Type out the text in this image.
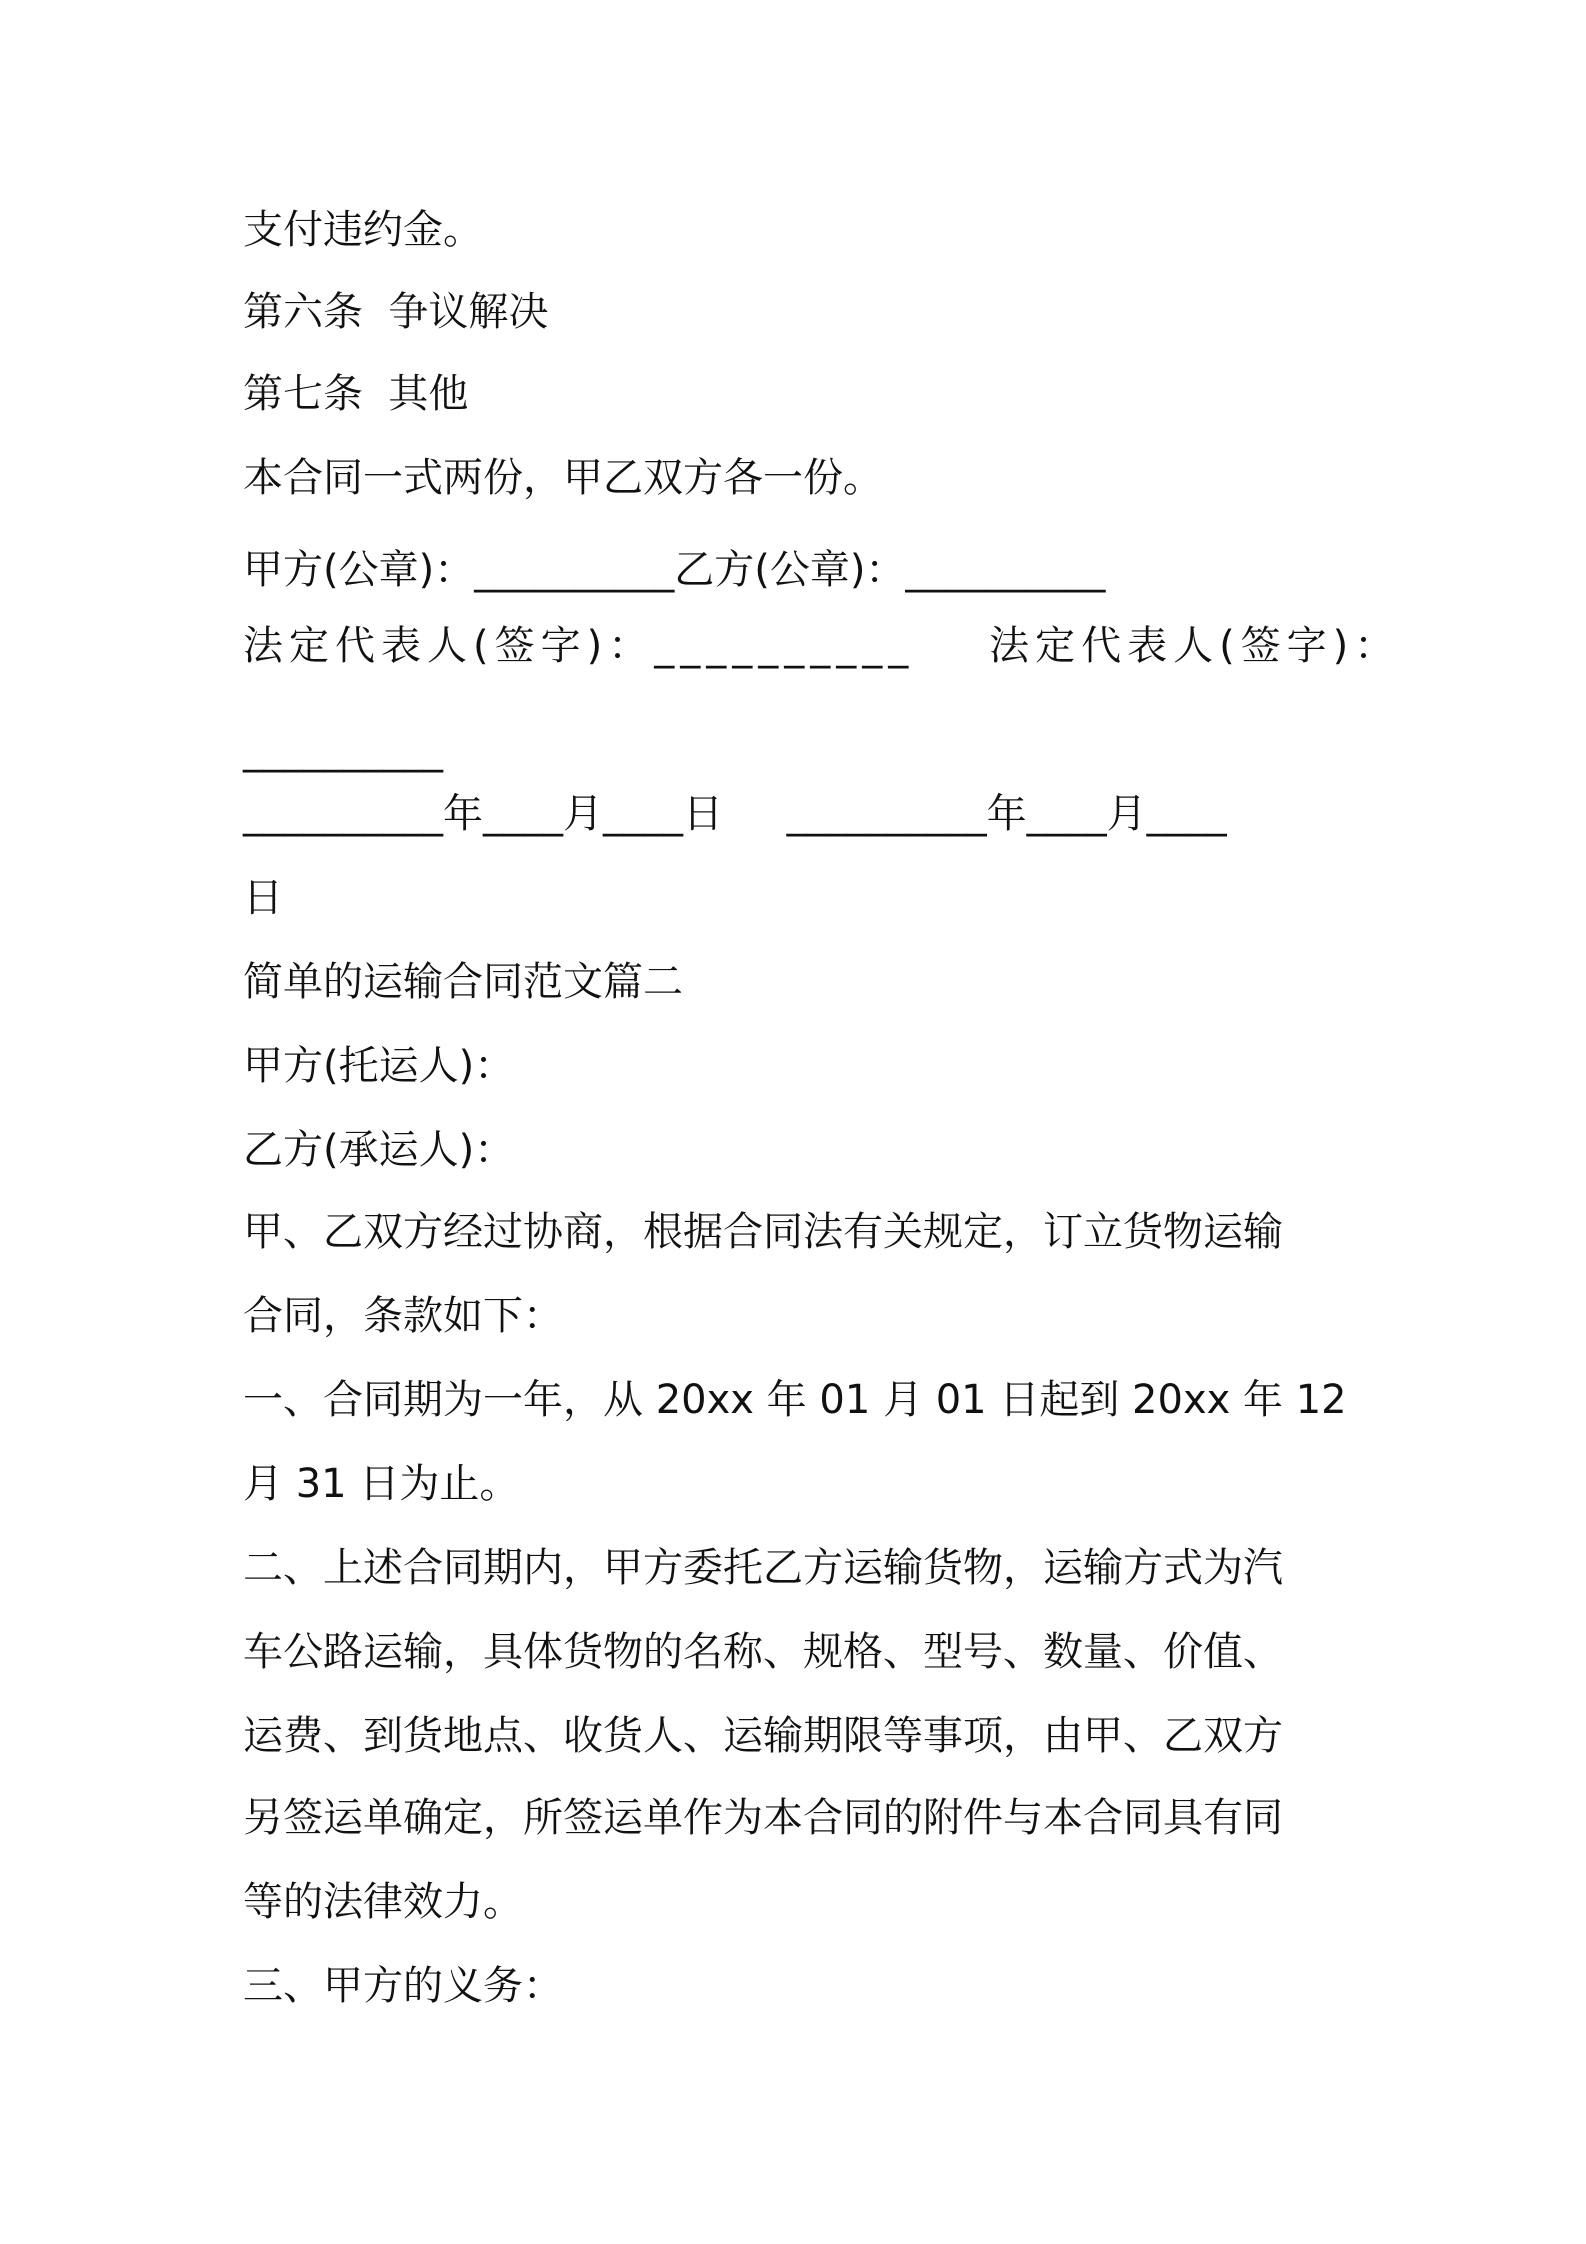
支付违约金。
第六条  争议解决
第七条  其他
本合同一式两份，甲乙双方各一份。
甲方(公章)：__________乙方(公章)：__________
法定代表人(签字)：__________    法定代表人(签字)：
__________
__________年____月____日     __________年____月____
日
简单的运输合同范文篇二
甲方(托运人)：
乙方(承运人)：
甲、乙双方经过协商，根据合同法有关规定，订立货物运输
合同，条款如下：
一、合同期为一年，从 20xx 年 01 月 01 日起到 20xx 年 12
月 31 日为止。
二、上述合同期内，甲方委托乙方运输货物，运输方式为汽
车公路运输，具体货物的名称、规格、型号、数量、价值、
运费、到货地点、收货人、运输期限等事项，由甲、乙双方
另签运单确定，所签运单作为本合同的附件与本合同具有同
等的法律效力。
三、甲方的义务：
